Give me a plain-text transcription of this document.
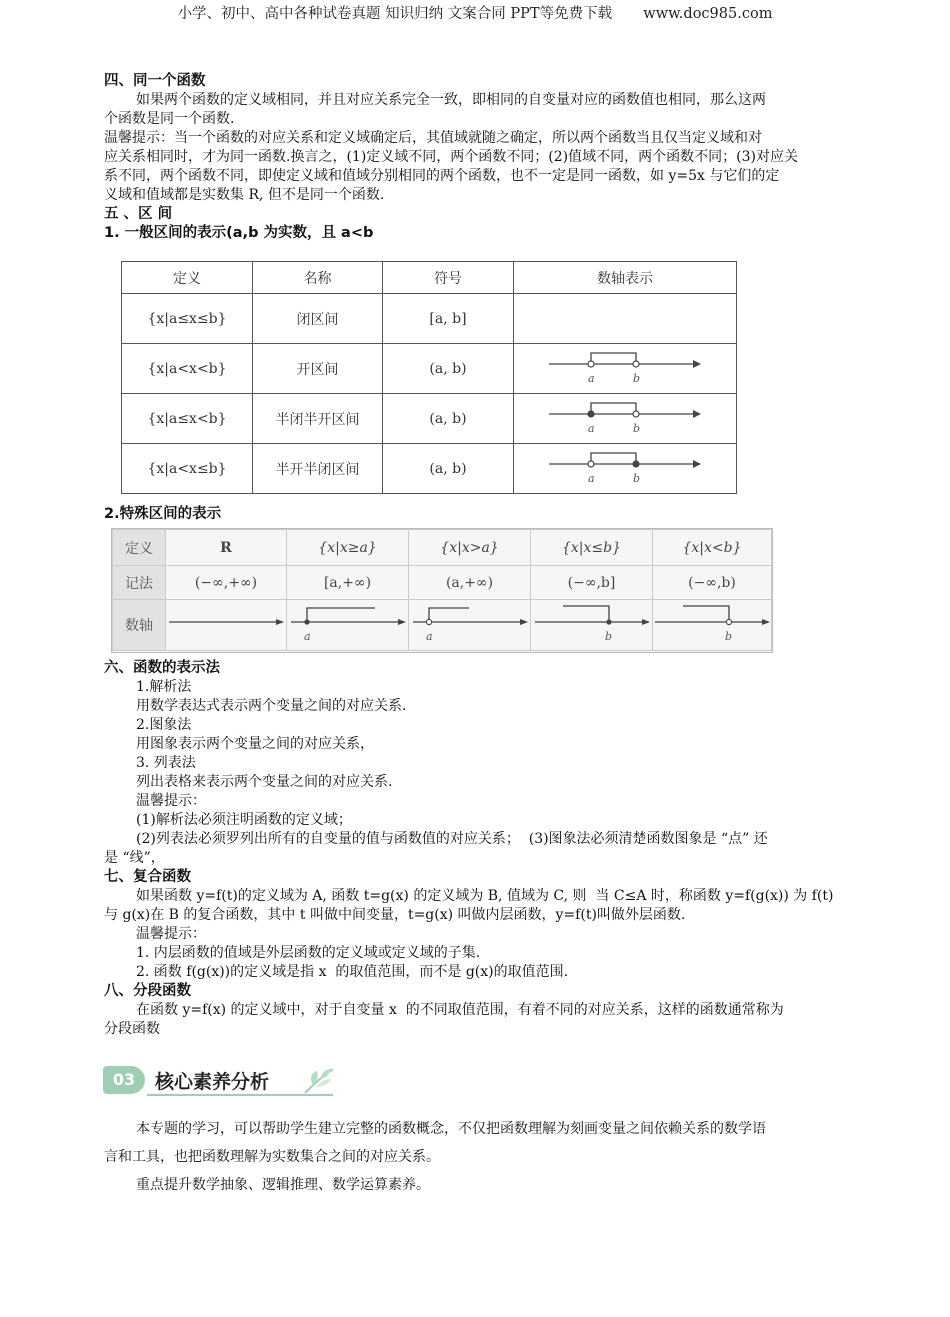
小学、初中、高中各种试卷真题 知识归纳 文案合同 PPT等免费下载 www.doc985.com
四、同一个函数
如果两个函数的定义域相同，并且对应关系完全一致，即相同的自变量对应的函数值也相同，那么这两
个函数是同一个函数.
温馨提示：当一个函数的对应关系和定义域确定后，其值域就随之确定，所以两个函数当且仅当定义域和对
应关系相同时，才为同一函数.换言之，(1)定义域不同，两个函数不同；(2)值域不同，两个函数不同；(3)对应关
系不同，两个函数不同，即使定义域和值域分别相同的两个函数，也不一定是同一函数，如 y=5x 与它们的定
义域和值域都是实数集 R, 但不是同一个函数.
五 、区 间
1. 一般区间的表示(a,b 为实数，且 a<b
定义	名称	符号	数轴表示
{x|a≤x≤b}	闭区间	[a, b]	
{x|a<x<b}	开区间	(a, b)	a b

{x|a≤x<b}	半闭半开区间	(a, b)	a b

{x|a<x≤b}	半开半闭区间	(a, b)	a b
2.特殊区间的表示
定义	R	{x|x≥a}	{x|x>a}	{x|x≤b}	{x|x<b}
记法	(−∞,+∞)	[a,+∞)	(a,+∞)	(−∞,b]	(−∞,b)
数轴		a	a	b	b
六、函数的表示法
1.解析法
用数学表达式表示两个变量之间的对应关系.
2.图象法
用图象表示两个变量之间的对应关系，
3. 列表法
列出表格来表示两个变量之间的对应关系.
温馨提示：
(1)解析法必须注明函数的定义域；
(2)列表法必须罗列出所有的自变量的值与函数值的对应关系；  (3)图象法必须清楚函数图象是 “点” 还
是 “线”，
七、复合函数
如果函数 y=f(t)的定义域为 A, 函数 t=g(x) 的定义域为 B, 值域为 C, 则  当 C≤A 时，称函数 y=f(g(x)) 为 f(t)
与 g(x)在 B 的复合函数，其中 t 叫做中间变量，t=g(x) 叫做内层函数，y=f(t)叫做外层函数.
温馨提示：
1. 内层函数的值域是外层函数的定义域或定义域的子集.
2. 函数 f(g(x))的定义域是指 x  的取值范围，而不是 g(x)的取值范围.
八、分段函数
在函数 y=f(x) 的定义域中，对于自变量 x  的不同取值范围，有着不同的对应关系，这样的函数通常称为
分段函数
03	核心素养分析
本专题的学习，可以帮助学生建立完整的函数概念，不仅把函数理解为刻画变量之间依赖关系的数学语
言和工具，也把函数理解为实数集合之间的对应关系。
重点提升数学抽象、逻辑推理、数学运算素养。
